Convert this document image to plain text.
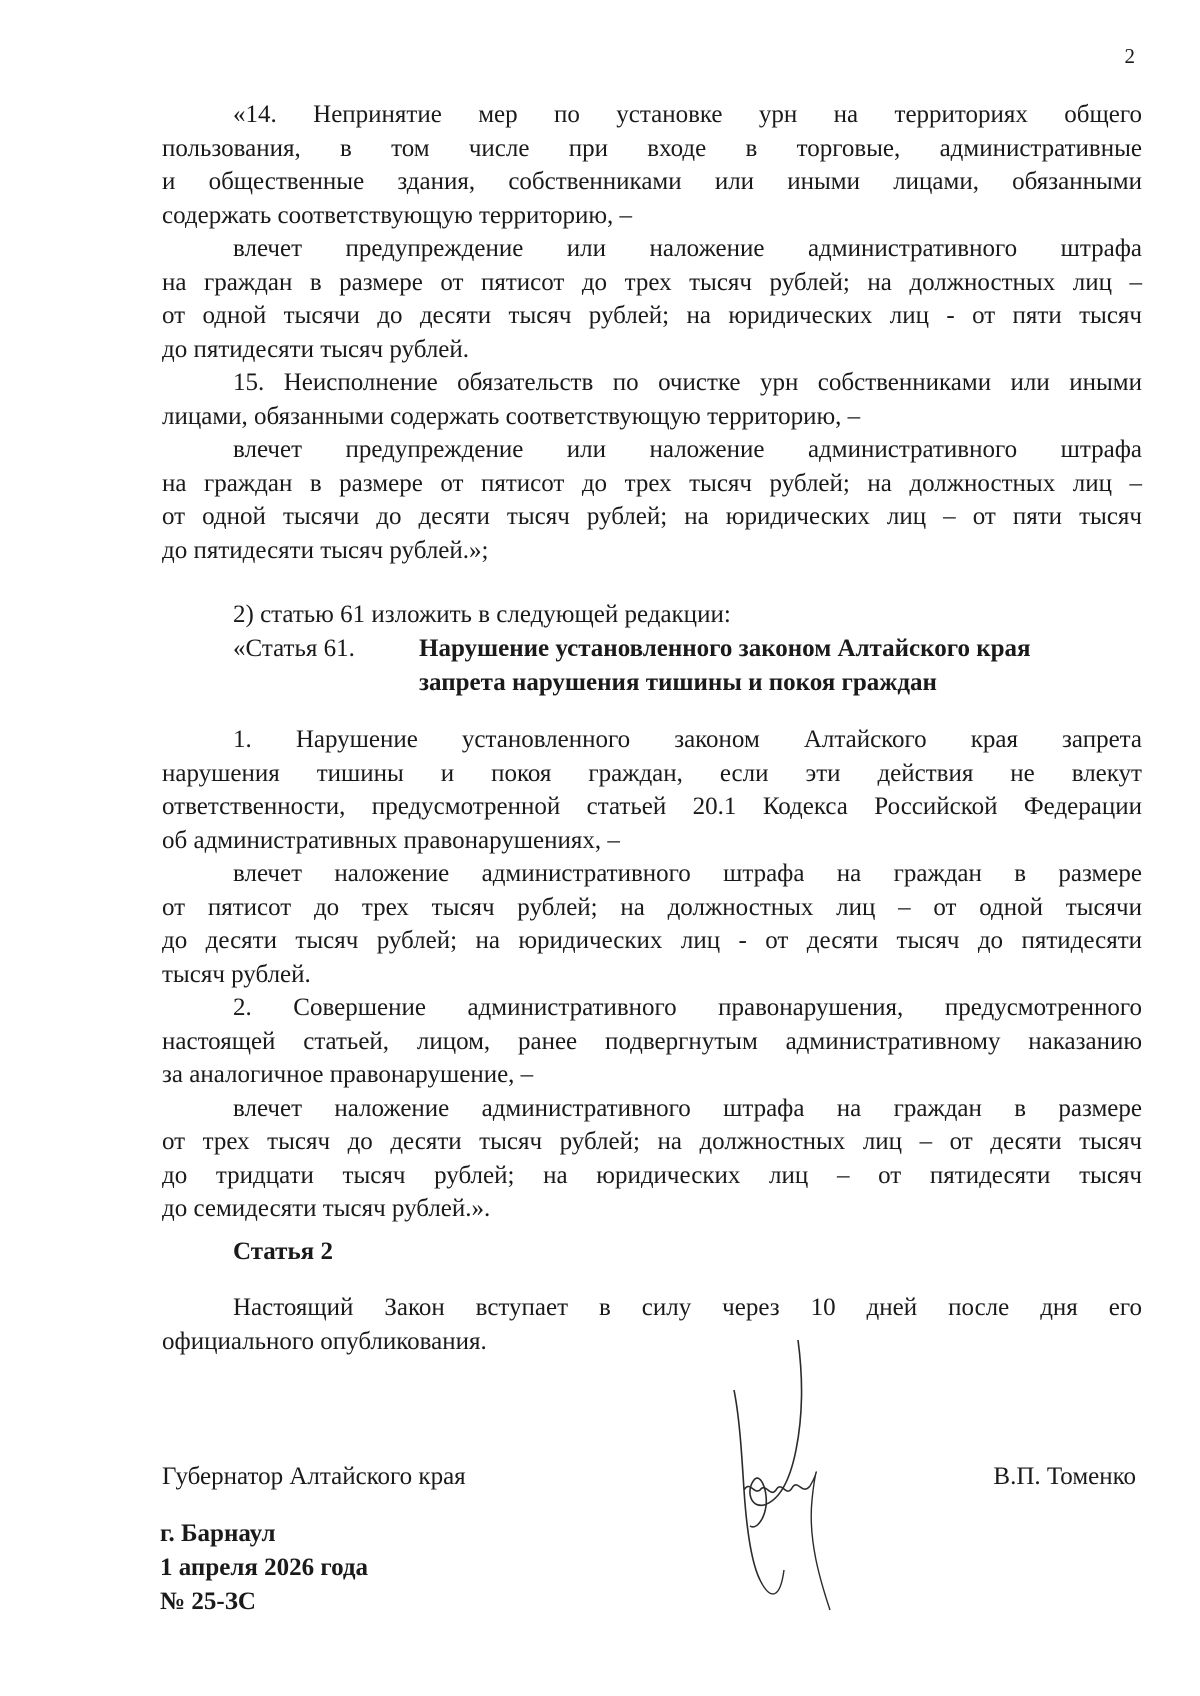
2

«14. Непринятие мер по установке урн на территориях общего
пользования, в том числе при входе в торговые, административные
и общественные здания, собственниками или иными лицами, обязанными
содержать соответствующую территорию, –

влечет предупреждение или наложение административного штрафа
на граждан в размере от пятисот до трех тысяч рублей; на должностных лиц –
от одной тысячи до десяти тысяч рублей; на юридических лиц - от пяти тысяч
до пятидесяти тысяч рублей.

15. Неисполнение обязательств по очистке урн собственниками или иными
лицами, обязанными содержать соответствующую территорию, –

влечет предупреждение или наложение административного штрафа
на граждан в размере от пятисот до трех тысяч рублей; на должностных лиц –
от одной тысячи до десяти тысяч рублей; на юридических лиц – от пяти тысяч
до пятидесяти тысяч рублей.»;

2) статью 61 изложить в следующей редакции:
«Статья 61.	Нарушение установленного законом Алтайского края
запрета нарушения тишины и покоя граждан

1. Нарушение установленного законом Алтайского края запрета
нарушения тишины и покоя граждан, если эти действия не влекут
ответственности, предусмотренной статьей 20.1 Кодекса Российской Федерации
об административных правонарушениях, –

влечет наложение административного штрафа на граждан в размере
от пятисот до трех тысяч рублей; на должностных лиц – от одной тысячи
до десяти тысяч рублей; на юридических лиц - от десяти тысяч до пятидесяти
тысяч рублей.

2. Совершение административного правонарушения, предусмотренного
настоящей статьей, лицом, ранее подвергнутым административному наказанию
за аналогичное правонарушение, –

влечет наложение административного штрафа на граждан в размере
от трех тысяч до десяти тысяч рублей; на должностных лиц – от десяти тысяч
до тридцати тысяч рублей; на юридических лиц – от пятидесяти тысяч
до семидесяти тысяч рублей.».

Статья 2
Настоящий Закон вступает в силу через 10 дней после дня его
официального опубликования.
Губернатор Алтайского края	В.П. Томенко
г. Барнаул
1 апреля 2026 года
№ 25-ЗС
